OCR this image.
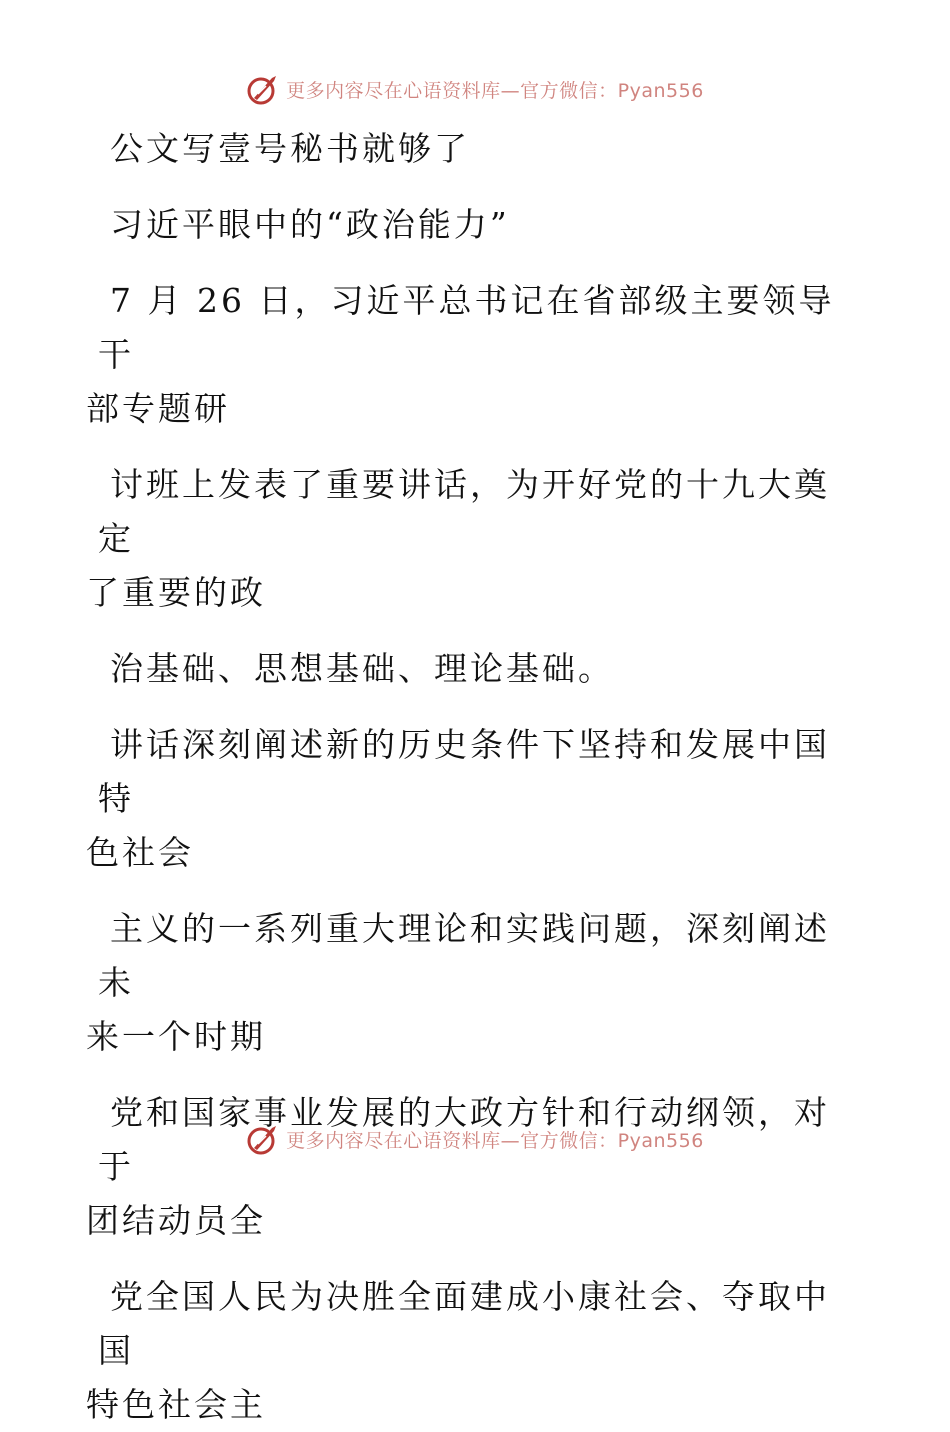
更多内容尽在心语资料库—官方微信：Pyan556

公文写壹号秘书就够了

习近平眼中的“政治能力”

7 月 26 日，习近平总书记在省部级主要领导干
部专题研

讨班上发表了重要讲话，为开好党的十九大奠定
了重要的政

治基础、思想基础、理论基础。

讲话深刻阐述新的历史条件下坚持和发展中国特
色社会

主义的一系列重大理论和实践问题，深刻阐述未
来一个时期

党和国家事业发展的大政方针和行动纲领，对于
团结动员全

党全国人民为决胜全面建成小康社会、夺取中国
特色社会主

更多内容尽在心语资料库—官方微信：Pyan556
